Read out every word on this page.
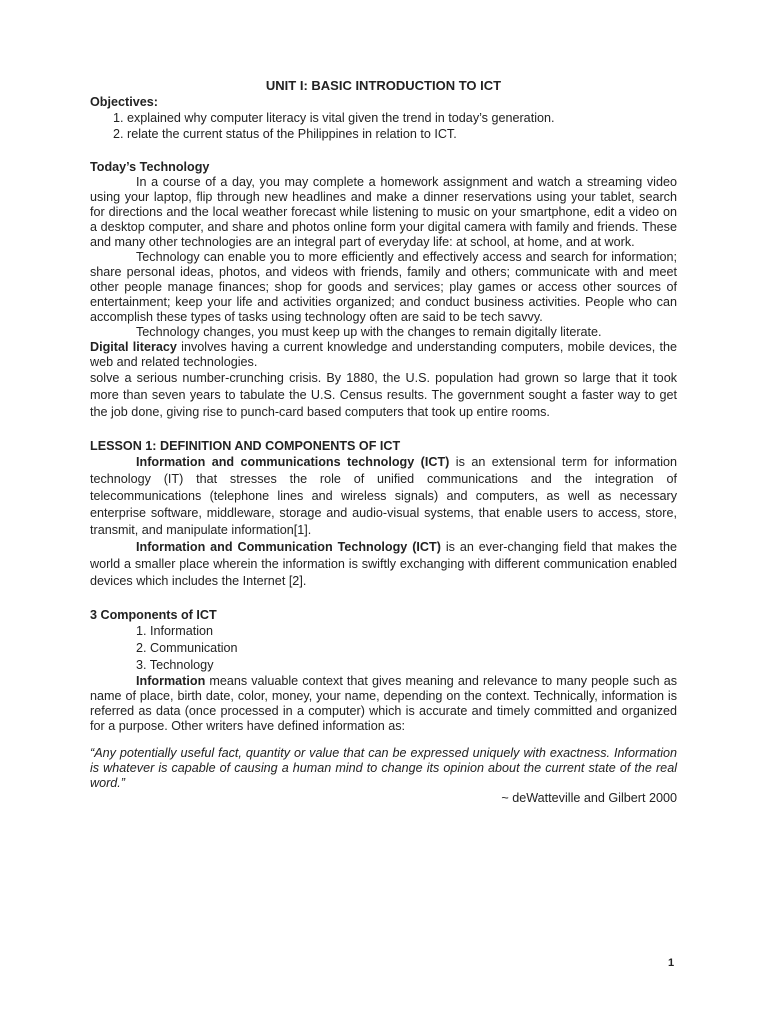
UNIT I: BASIC INTRODUCTION TO ICT

Objectives:

1. explained why computer literacy is vital given the trend in today’s generation.
2. relate the current status of the Philippines in relation to ICT.

Today’s Technology

In a course of a day, you may complete a homework assignment and watch a streaming video using your laptop, flip through new headlines and make a dinner reservations using your tablet, search for directions and the local weather forecast while listening to music on your smartphone, edit a video on a desktop computer, and share and photos online form your digital camera with family and friends. These and many other technologies are an integral part of everyday life: at school, at home, and at work.

Technology can enable you to more efficiently and effectively access and search for information; share personal ideas, photos, and videos with friends, family and others; communicate with and meet other people manage finances; shop for goods and services; play games or access other sources of entertainment; keep your life and activities organized; and conduct business activities. People who can accomplish these types of tasks using technology often are said to be tech savvy.

Technology changes, you must keep up with the changes to remain digitally literate.

Digital literacy involves having a current knowledge and understanding computers, mobile devices, the web and related technologies.

solve a serious number-crunching crisis. By 1880, the U.S. population had grown so large that it took more than seven years to tabulate the U.S. Census results. The government sought a faster way to get the job done, giving rise to punch-card based computers that took up entire rooms.

LESSON 1: DEFINITION AND COMPONENTS OF ICT

Information and communications technology (ICT) is an extensional term for information technology (IT) that stresses the role of unified communications and the integration of telecommunications (telephone lines and wireless signals) and computers, as well as necessary enterprise software, middleware, storage and audio-visual systems, that enable users to access, store, transmit, and manipulate information[1].

Information and Communication Technology (ICT) is an ever-changing field that makes the world a smaller place wherein the information is swiftly exchanging with different communication enabled devices which includes the Internet [2].

3 Components of ICT

1. Information
2. Communication
3. Technology

Information means valuable context that gives meaning and relevance to many people such as name of place, birth date, color, money, your name, depending on the context. Technically, information is referred as data (once processed in a computer) which is accurate and timely committed and organized for a purpose. Other writers have defined information as:

“Any potentially useful fact, quantity or value that can be expressed uniquely with exactness. Information is whatever is capable of causing a human mind to change its opinion about the current state of the real word.”

~ deWatteville and Gilbert 2000

1
